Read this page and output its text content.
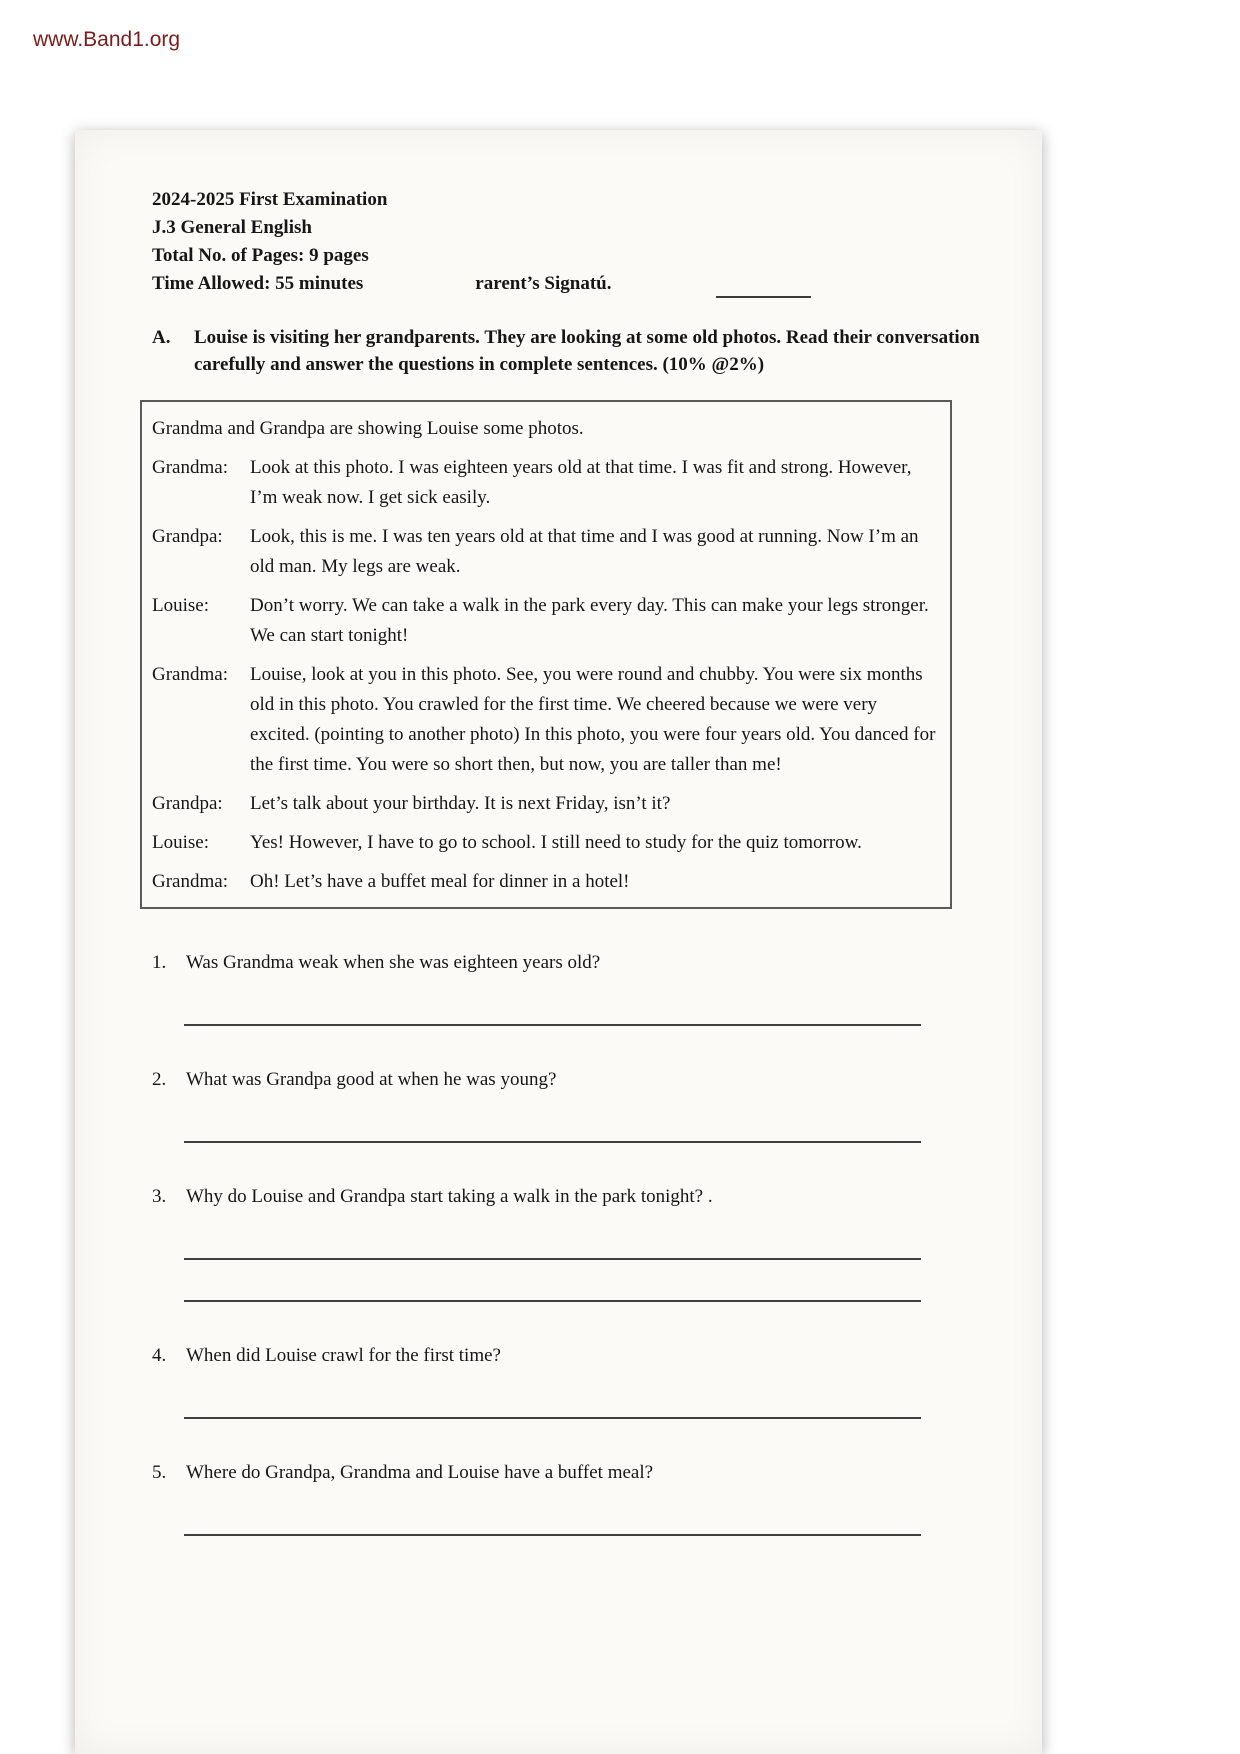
www.Band1.org
2024-2025 First Examination
J.3 General English
Total No. of Pages: 9 pages
Time Allowed: 55 minutes	rarent’s Signatú.
A.	Louise is visiting her grandparents. They are looking at some old photos. Read their conversation carefully and answer the questions in complete sentences. (10% @2%)
Grandma and Grandpa are showing Louise some photos.
Grandma:	Look at this photo. I was eighteen years old at that time. I was fit and strong. However, I’m weak now. I get sick easily.
Grandpa:	Look, this is me. I was ten years old at that time and I was good at running. Now I’m an old man. My legs are weak.
Louise:	Don’t worry. We can take a walk in the park every day. This can make your legs stronger. We can start tonight!
Grandma:	Louise, look at you in this photo. See, you were round and chubby. You were six months old in this photo. You crawled for the first time. We cheered because we were very excited. (pointing to another photo) In this photo, you were four years old. You danced for the first time. You were so short then, but now, you are taller than me!
Grandpa:	Let’s talk about your birthday. It is next Friday, isn’t it?
Louise:	Yes! However, I have to go to school. I still need to study for the quiz tomorrow.
Grandma:	Oh! Let’s have a buffet meal for dinner in a hotel!
1.	Was Grandma weak when she was eighteen years old?
2.	What was Grandpa good at when he was young?
3.	Why do Louise and Grandpa start taking a walk in the park tonight? .
4.	When did Louise crawl for the first time?
5.	Where do Grandpa, Grandma and Louise have a buffet meal?
